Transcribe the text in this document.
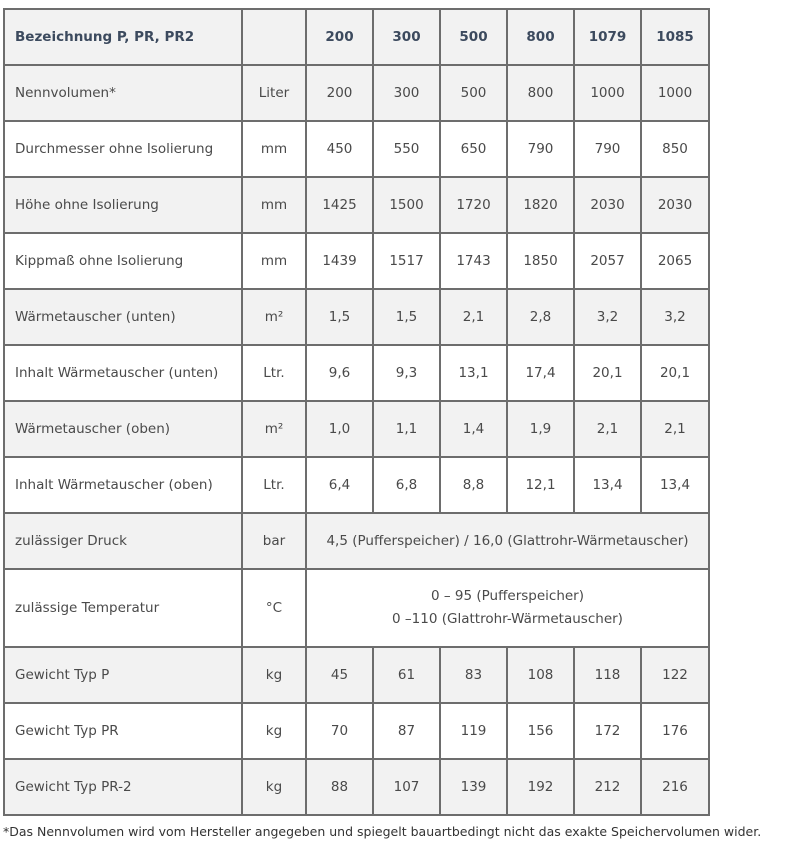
Bezeichnung P, PR, PR2		200	300	500	800	1079	1085
Nennvolumen*	Liter	200	300	500	800	1000	1000
Durchmesser ohne Isolierung	mm	450	550	650	790	790	850
Höhe ohne Isolierung	mm	1425	1500	1720	1820	2030	2030
Kippmaß ohne Isolierung	mm	1439	1517	1743	1850	2057	2065
Wärmetauscher (unten)	m²	1,5	1,5	2,1	2,8	3,2	3,2
Inhalt Wärmetauscher (unten)	Ltr.	9,6	9,3	13,1	17,4	20,1	20,1
Wärmetauscher (oben)	m²	1,0	1,1	1,4	1,9	2,1	2,1
Inhalt Wärmetauscher (oben)	Ltr.	6,4	6,8	8,8	12,1	13,4	13,4
zulässiger Druck	bar	4,5 (Pufferspeicher) / 16,0 (Glattrohr-Wärmetauscher)					
zulässige Temperatur	°C	0 – 95 (Pufferspeicher)
0 –110 (Glattrohr-Wärmetauscher)					

Gewicht Typ P	kg	45	61	83	108	118	122
Gewicht Typ PR	kg	70	87	119	156	172	176
Gewicht Typ PR-2	kg	88	107	139	192	212	216
*Das Nennvolumen wird vom Hersteller angegeben und spiegelt bauartbedingt nicht das exakte Speichervolumen wider.
